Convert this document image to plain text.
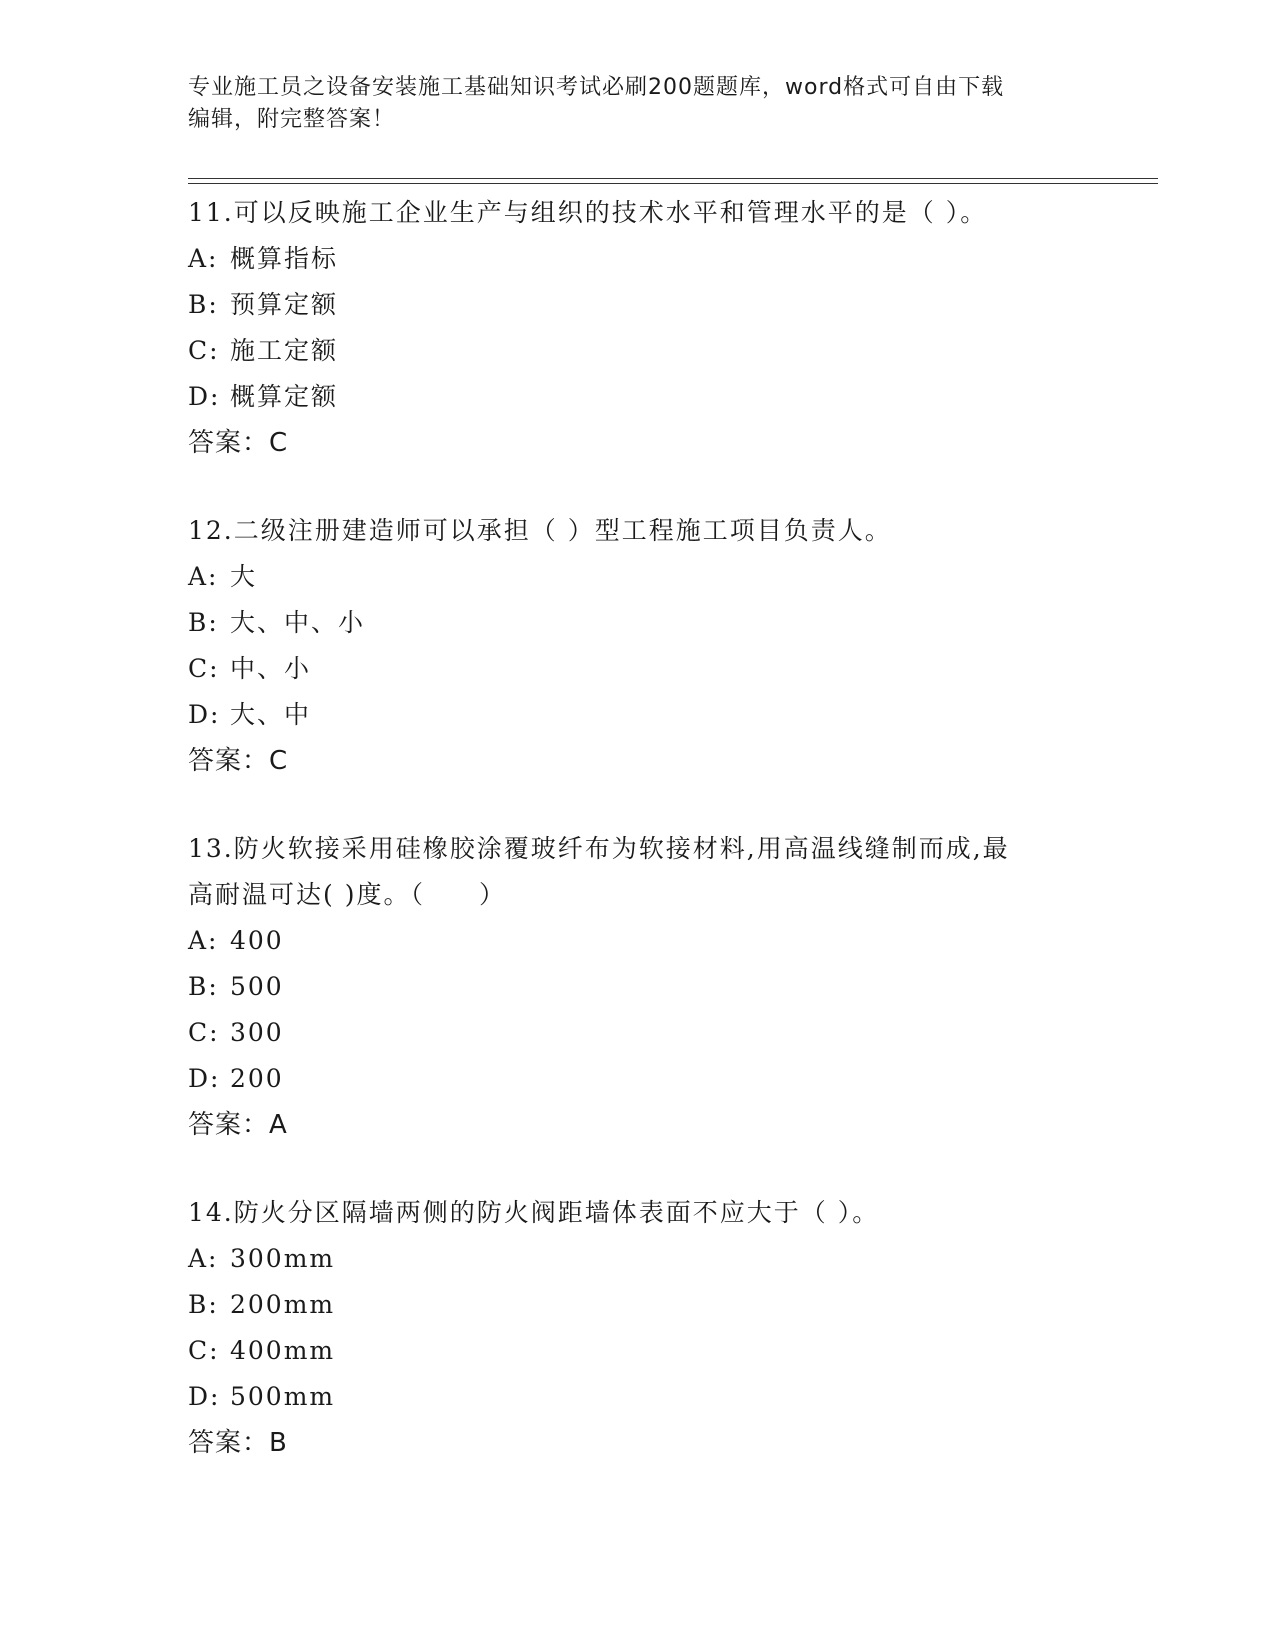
专业施工员之设备安装施工基础知识考试必刷200题题库，word格式可自由下载
编辑，附完整答案！
11.可以反映施工企业生产与组织的技术水平和管理水平的是（ ）。
A: 概算指标
B: 预算定额
C: 施工定额
D: 概算定额
答案：C
12.二级注册建造师可以承担（ ）型工程施工项目负责人。
A: 大
B: 大、中、小
C: 中、小
D: 大、中
答案：C
13.防火软接采用硅橡胶涂覆玻纤布为软接材料,用高温线缝制而成,最
高耐温可达( )度。（　　）
A: 400
B: 500
C: 300
D: 200
答案：A
14.防火分区隔墙两侧的防火阀距墙体表面不应大于（ ）。
A: 300mm
B: 200mm
C: 400mm
D: 500mm
答案：B
